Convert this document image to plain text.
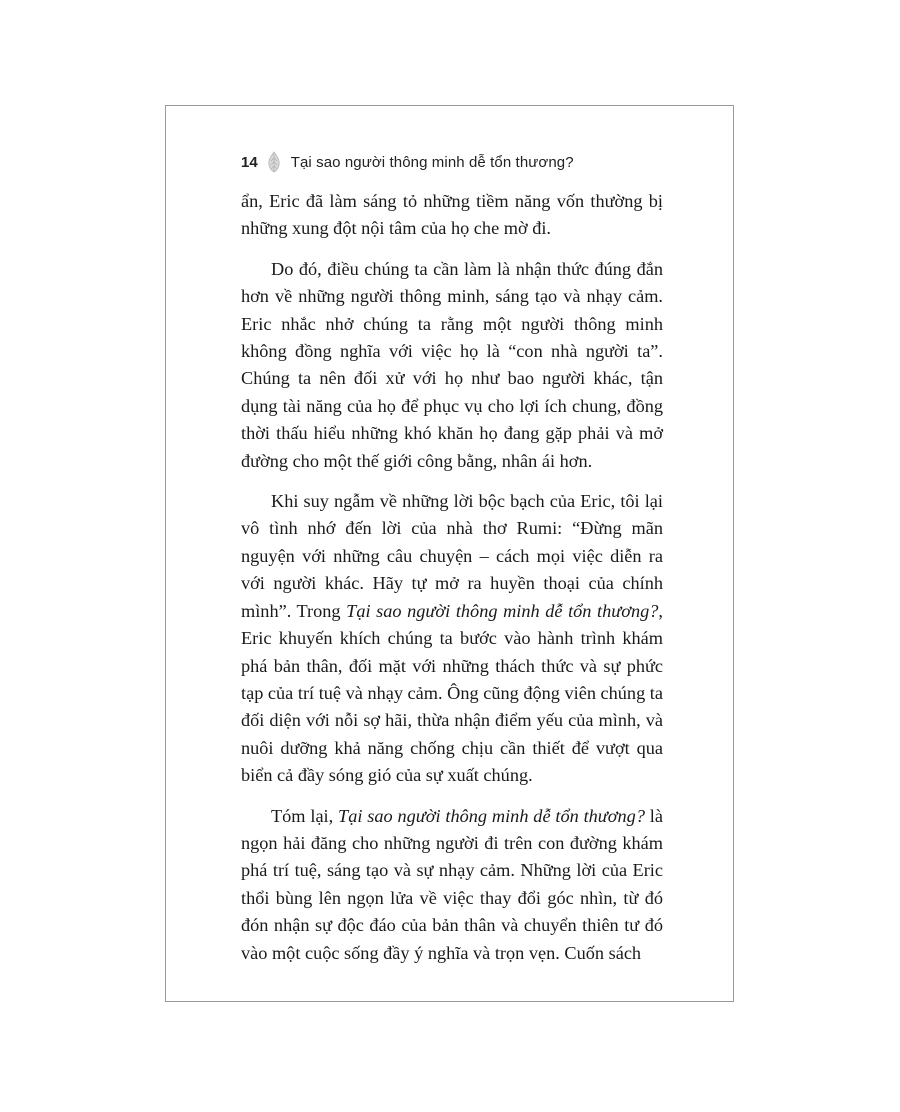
14 Tại sao người thông minh dễ tổn thương?

ẩn, Eric đã làm sáng tỏ những tiềm năng vốn thường bị những xung đột nội tâm của họ che mờ đi.

Do đó, điều chúng ta cần làm là nhận thức đúng đắn hơn về những người thông minh, sáng tạo và nhạy cảm. Eric nhắc nhở chúng ta rằng một người thông minh không đồng nghĩa với việc họ là “con nhà người ta”. Chúng ta nên đối xử với họ như bao người khác, tận dụng tài năng của họ để phục vụ cho lợi ích chung, đồng thời thấu hiểu những khó khăn họ đang gặp phải và mở đường cho một thế giới công bằng, nhân ái hơn.

Khi suy ngẫm về những lời bộc bạch của Eric, tôi lại vô tình nhớ đến lời của nhà thơ Rumi: “Đừng mãn nguyện với những câu chuyện – cách mọi việc diễn ra với người khác. Hãy tự mở ra huyền thoại của chính mình”. Trong Tại sao người thông minh dễ tổn thương?, Eric khuyến khích chúng ta bước vào hành trình khám phá bản thân, đối mặt với những thách thức và sự phức tạp của trí tuệ và nhạy cảm. Ông cũng động viên chúng ta đối diện với nỗi sợ hãi, thừa nhận điểm yếu của mình, và nuôi dưỡng khả năng chống chịu cần thiết để vượt qua biển cả đầy sóng gió của sự xuất chúng.

Tóm lại, Tại sao người thông minh dễ tổn thương? là ngọn hải đăng cho những người đi trên con đường khám phá trí tuệ, sáng tạo và sự nhạy cảm. Những lời của Eric thổi bùng lên ngọn lửa về việc thay đổi góc nhìn, từ đó đón nhận sự độc đáo của bản thân và chuyển thiên tư đó vào một cuộc sống đầy ý nghĩa và trọn vẹn. Cuốn sách
